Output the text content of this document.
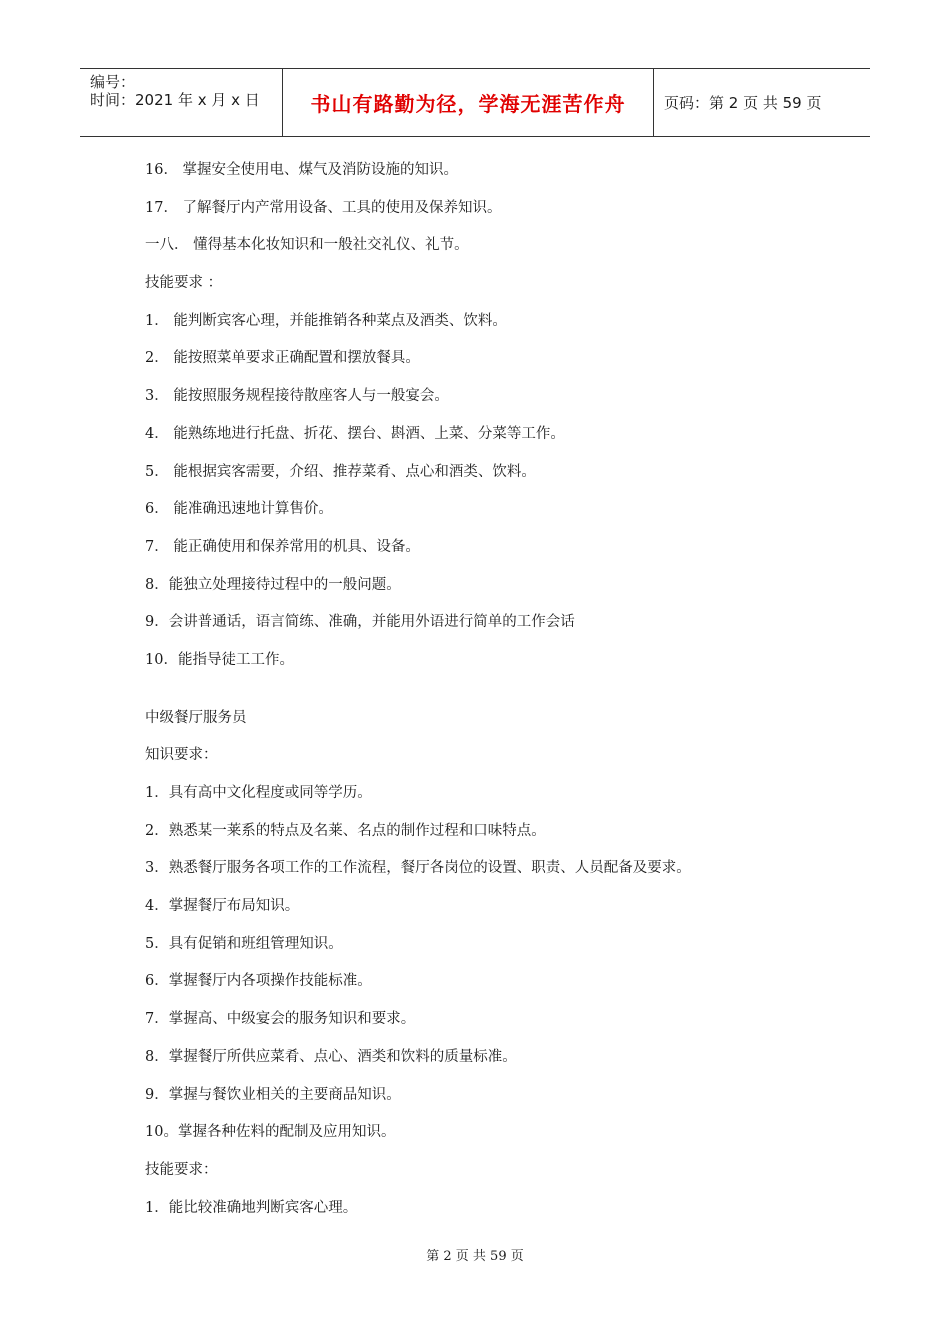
编号：
时间：2021 年 x 月 x 日	书山有路勤为径，学海无涯苦作舟	页码：第 2 页 共 59 页
16． 掌握安全使用电、煤气及消防设施的知识。
17． 了解餐厅内产常用设备、工具的使用及保养知识。
一八． 懂得基本化妆知识和一般社交礼仪、礼节。
技能要求 ：
1． 能判断宾客心理，并能推销各种菜点及酒类、饮料。
2． 能按照菜单要求正确配置和摆放餐具。
3． 能按照服务规程接待散座客人与一般宴会。
4． 能熟练地进行托盘、折花、摆台、斟酒、上菜、分菜等工作。
5． 能根据宾客需要，介绍、推荐菜肴、点心和酒类、饮料。
6． 能准确迅速地计算售价。
7． 能正确使用和保养常用的机具、设备。
8．能独立处理接待过程中的一般问题。
9．会讲普通话，语言简练、准确，并能用外语进行简单的工作会话
10．能指导徒工工作。
中级餐厅服务员
知识要求：
1．具有高中文化程度或同等学历。
2．熟悉某一莱系的特点及名莱、名点的制作过程和口味特点。
3．熟悉餐厅服务各项工作的工作流程，餐厅各岗位的设置、职责、人员配备及要求。
4．掌握餐厅布局知识。
5．具有促销和班组管理知识。
6．掌握餐厅内各项操作技能标准。
7．掌握高、中级宴会的服务知识和要求。
8．掌握餐厅所供应菜肴、点心、酒类和饮料的质量标准。
9．掌握与餐饮业相关的主要商品知识。
10。掌握各种佐料的配制及应用知识。
技能要求：
1．能比较准确地判断宾客心理。
第 2 页 共 59 页
